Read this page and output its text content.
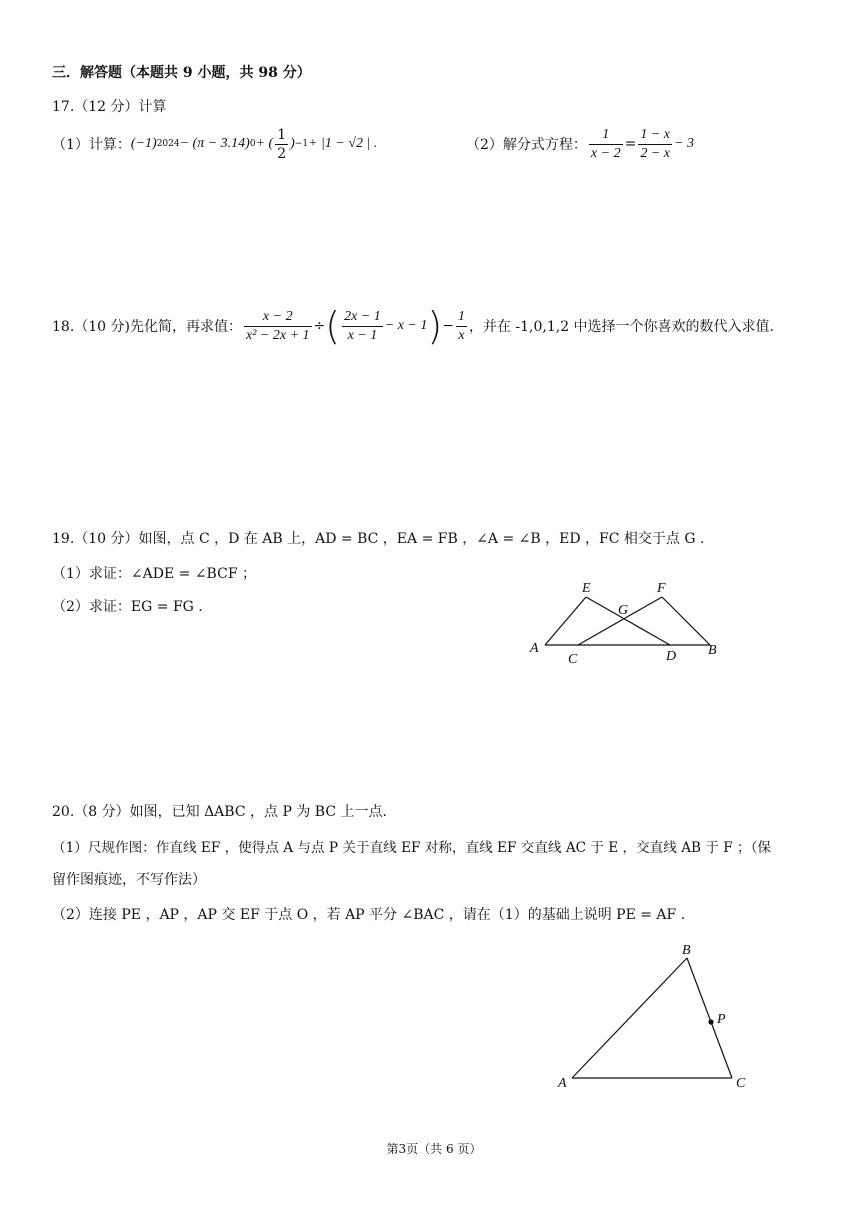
三．解答题（本题共 9 小题，共 98 分）
17.（12 分）计算
（1）计算： (−1) 2024 − (π − 3.14) 0 + ( $\frac{1}{2}$ ) −1 + |1 − √2 | .	（2）解分式方程： $\frac{1}{x - 2} = \frac{1 - x}{2 - x} - 3$
18.（10 分)先化简，再求值： $\frac{x - 2}{\text{x² − 2x + 1}}$ ÷ ( $\frac{2x - 1}{x - 1} - x - 1$ ) − $\frac{1}{x}$ ，并在 -1,0,1,2 中选择一个你喜欢的数代入求值.
19.（10 分）如图，点 C ，D 在 AB 上，AD = BC ，EA = FB ，∠A = ∠B ，ED ，FC 相交于点 G .
（1）求证：∠ADE = ∠BCF ；
（2）求证：EG = FG .
E	F
G
A
C	D B
20.（8 分）如图，已知 ΔABC ，点 P 为 BC 上一点.
（1）尺规作图：作直线 EF ，使得点 A 与点 P 关于直线 EF 对称，直线 EF 交直线 AC 于 E ，交直线 AB 于 F ；（保
留作图痕迹，不写作法）
（2）连接 PE ，AP ，AP 交 EF 于点 O ，若 AP 平分 ∠BAC ，请在（1）的基础上说明 PE = AF .
B
P
A	C
第3页（共 6 页）
